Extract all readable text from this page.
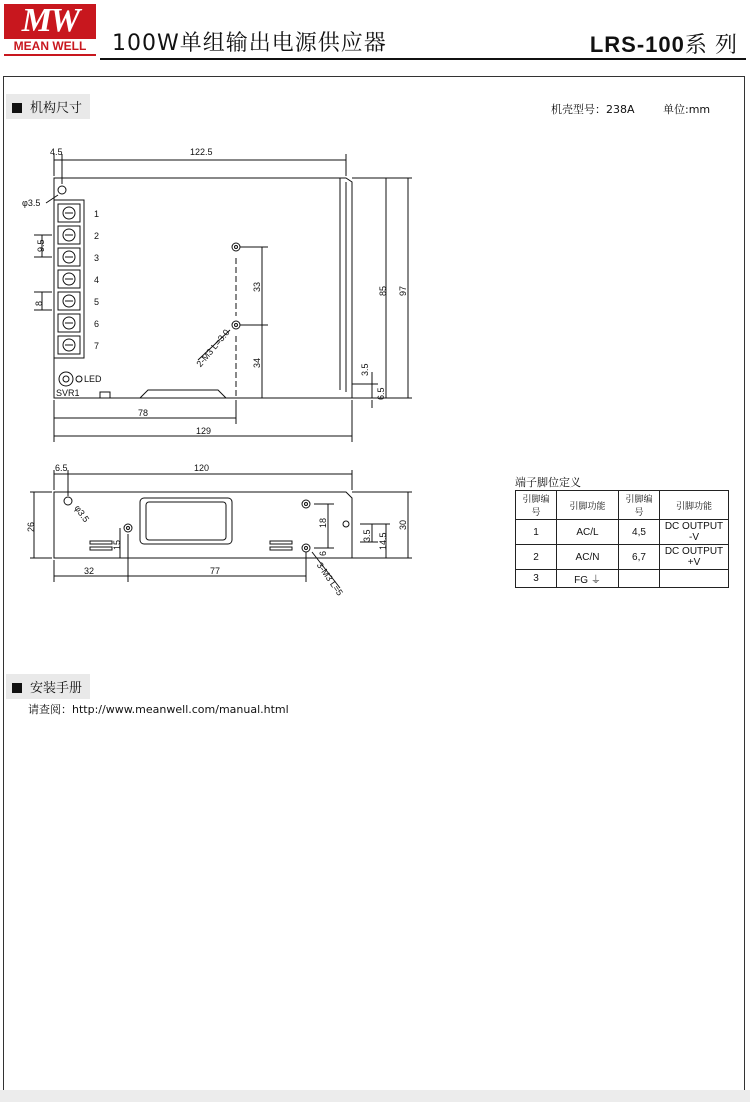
MW
MEAN WELL	100W单组输出电源供应器	LRS-100系 列
机构尺寸	机壳型号：238A	单位:mm
4.5	122.5
φ3.5
9.5
8
33
34
85 97
3.5
6.5
78
129
2-M3 L=3.0
1
2
3
4
5
6
7
LED
SVR1
6.5	120
φ3.5
26
15
18
6
3.5 14.5
30
32	77	3-M3 L=5
端子脚位定义
引脚编号	引脚功能	引脚编号	引脚功能
1	AC/L	4,5	DC OUTPUT -V
2	AC/N	6,7	DC OUTPUT +V
3	FG ⏚		
安装手册
请查阅：http://www.meanwell.com/manual.html
